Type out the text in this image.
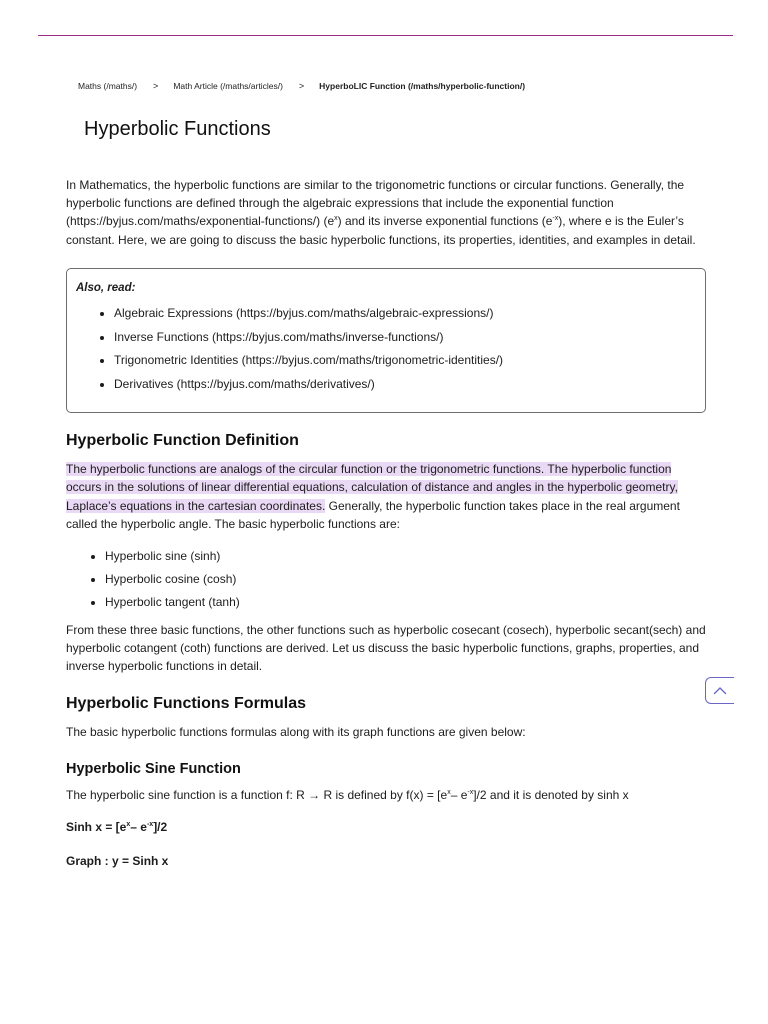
Maths (/maths/) > Math Article (/maths/articles/) > HyperboLIC Function (/maths/hyperbolic-function/)
Hyperbolic Functions

In Mathematics, the hyperbolic functions are similar to the trigonometric functions or circular functions. Generally, the hyperbolic functions are defined through the algebraic expressions that include the exponential function (https://byjus.com/maths/exponential-functions/) $(e^x)$ and its inverse exponential functions $(e^{-x})$, where e is the Euler’s constant. Here, we are going to discuss the basic hyperbolic functions, its properties, identities, and examples in detail.

Also, read:
• Algebraic Expressions (https://byjus.com/maths/algebraic-expressions/)
• Inverse Functions (https://byjus.com/maths/inverse-functions/)
• Trigonometric Identities (https://byjus.com/maths/trigonometric-identities/)
• Derivatives (https://byjus.com/maths/derivatives/)
Hyperbolic Function Definition

The hyperbolic functions are analogs of the circular function or the trigonometric functions. The hyperbolic function occurs in the solutions of linear differential equations, calculation of distance and angles in the hyperbolic geometry, Laplace’s equations in the cartesian coordinates. Generally, the hyperbolic function takes place in the real argument called the hyperbolic angle. The basic hyperbolic functions are:

• Hyperbolic sine (sinh)
• Hyperbolic cosine (cosh)
• Hyperbolic tangent (tanh)

From these three basic functions, the other functions such as hyperbolic cosecant (cosech), hyperbolic secant(sech) and hyperbolic cotangent (coth) functions are derived. Let us discuss the basic hyperbolic functions, graphs, properties, and inverse hyperbolic functions in detail.

Hyperbolic Functions Formulas

The basic hyperbolic functions formulas along with its graph functions are given below:

Hyperbolic Sine Function

The hyperbolic sine function is a function f: R → R is defined by $f(x) = [e^x-$ $e^{-x}]/2$ and it is denoted by sinh x

Sinh $x = [e^x-$ $e^{-x}]/2$

Graph : y = Sinh x
